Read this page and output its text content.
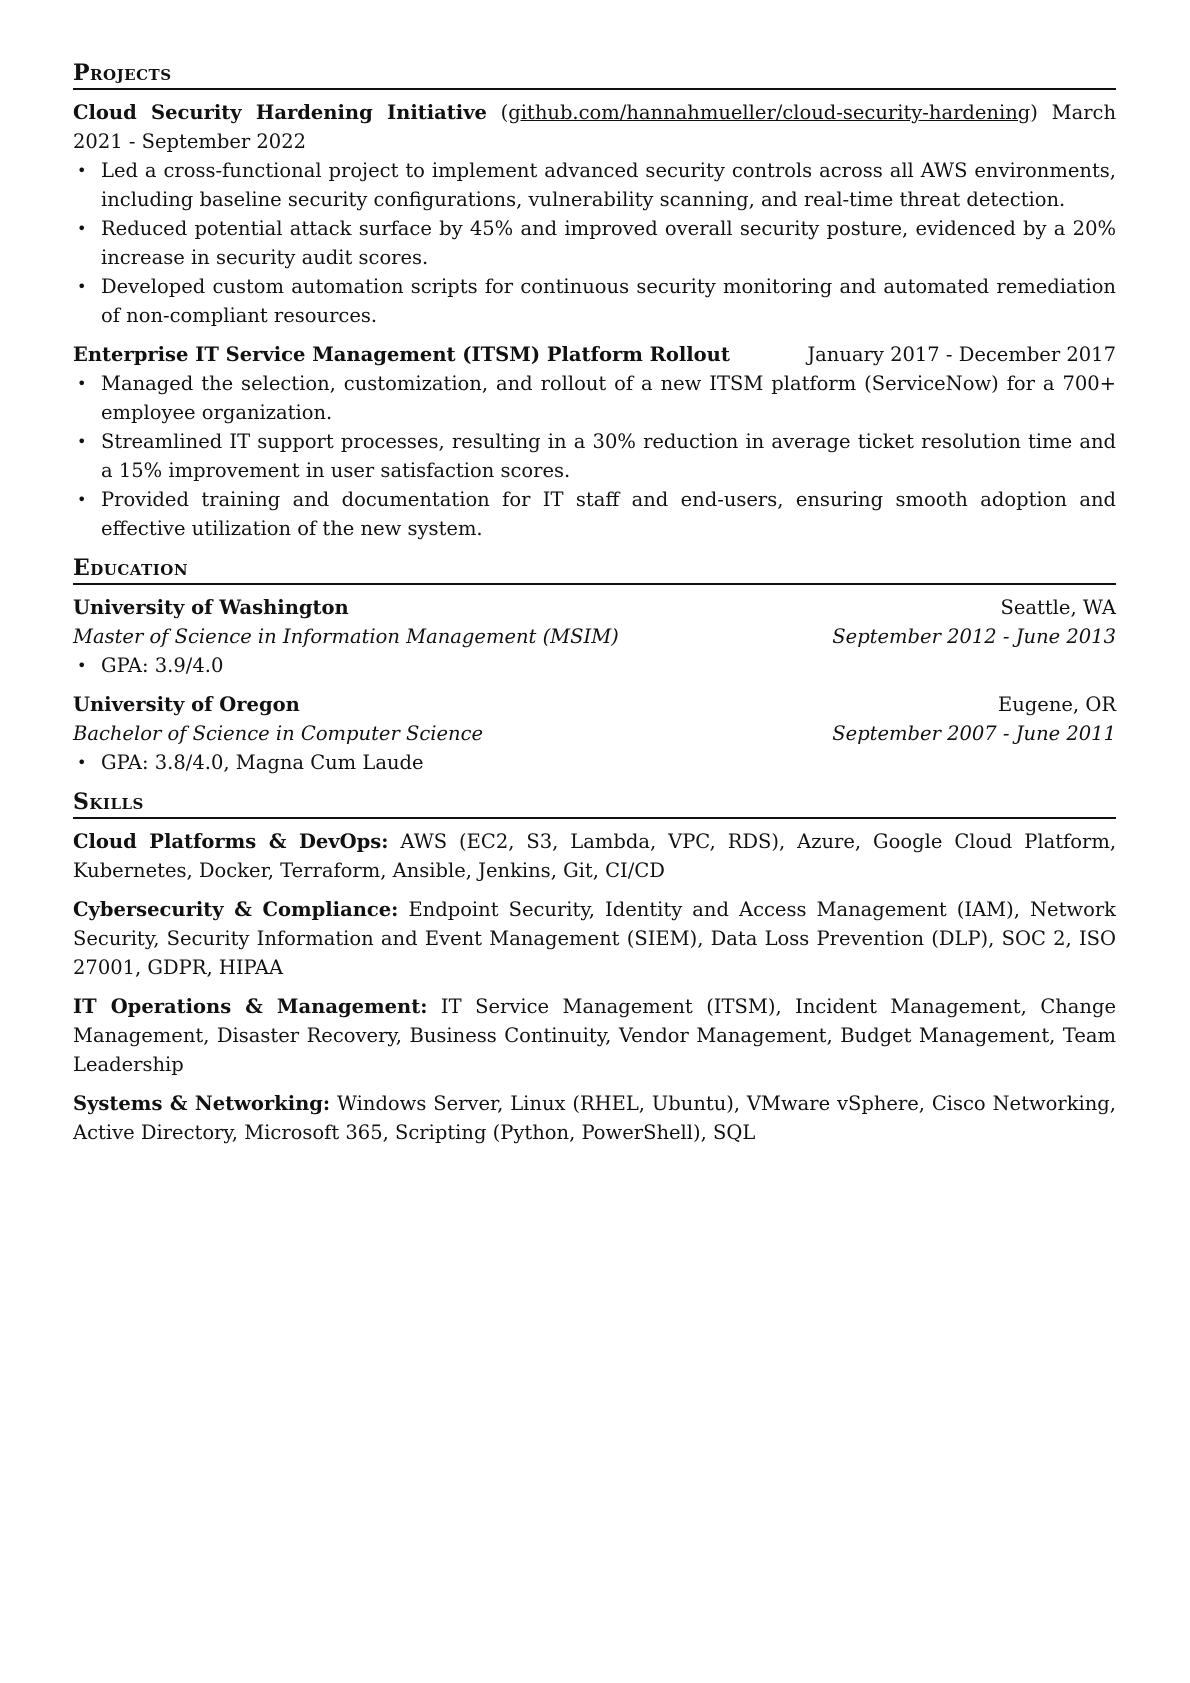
Projects
Cloud Security Hardening Initiative (github.com/hannahmueller/cloud-security-hardening) March 2021 - September 2022
• Led a cross-functional project to implement advanced security controls across all AWS environments, including baseline security configurations, vulnerability scanning, and real-time threat detection.
• Reduced potential attack surface by 45% and improved overall security posture, evidenced by a 20% increase in security audit scores.
• Developed custom automation scripts for continuous security monitoring and automated remediation of non-compliant resources.
Enterprise IT Service Management (ITSM) Platform Rollout	January 2017 - December 2017
• Managed the selection, customization, and rollout of a new ITSM platform (ServiceNow) for a 700+ employee organization.
• Streamlined IT support processes, resulting in a 30% reduction in average ticket resolution time and a 15% improvement in user satisfaction scores.
• Provided training and documentation for IT staff and end-users, ensuring smooth adoption and effective utilization of the new system.
Education
University of Washington	Seattle, WA
Master of Science in Information Management (MSIM)	September 2012 - June 2013
• GPA: 3.9/4.0
University of Oregon	Eugene, OR
Bachelor of Science in Computer Science	September 2007 - June 2011
• GPA: 3.8/4.0, Magna Cum Laude
Skills
Cloud Platforms & DevOps: AWS (EC2, S3, Lambda, VPC, RDS), Azure, Google Cloud Platform, Kubernetes, Docker, Terraform, Ansible, Jenkins, Git, CI/CD
Cybersecurity & Compliance: Endpoint Security, Identity and Access Management (IAM), Network Security, Security Information and Event Management (SIEM), Data Loss Prevention (DLP), SOC 2, ISO 27001, GDPR, HIPAA
IT Operations & Management: IT Service Management (ITSM), Incident Management, Change Management, Disaster Recovery, Business Continuity, Vendor Management, Budget Management, Team Leadership
Systems & Networking: Windows Server, Linux (RHEL, Ubuntu), VMware vSphere, Cisco Networking, Active Directory, Microsoft 365, Scripting (Python, PowerShell), SQL
